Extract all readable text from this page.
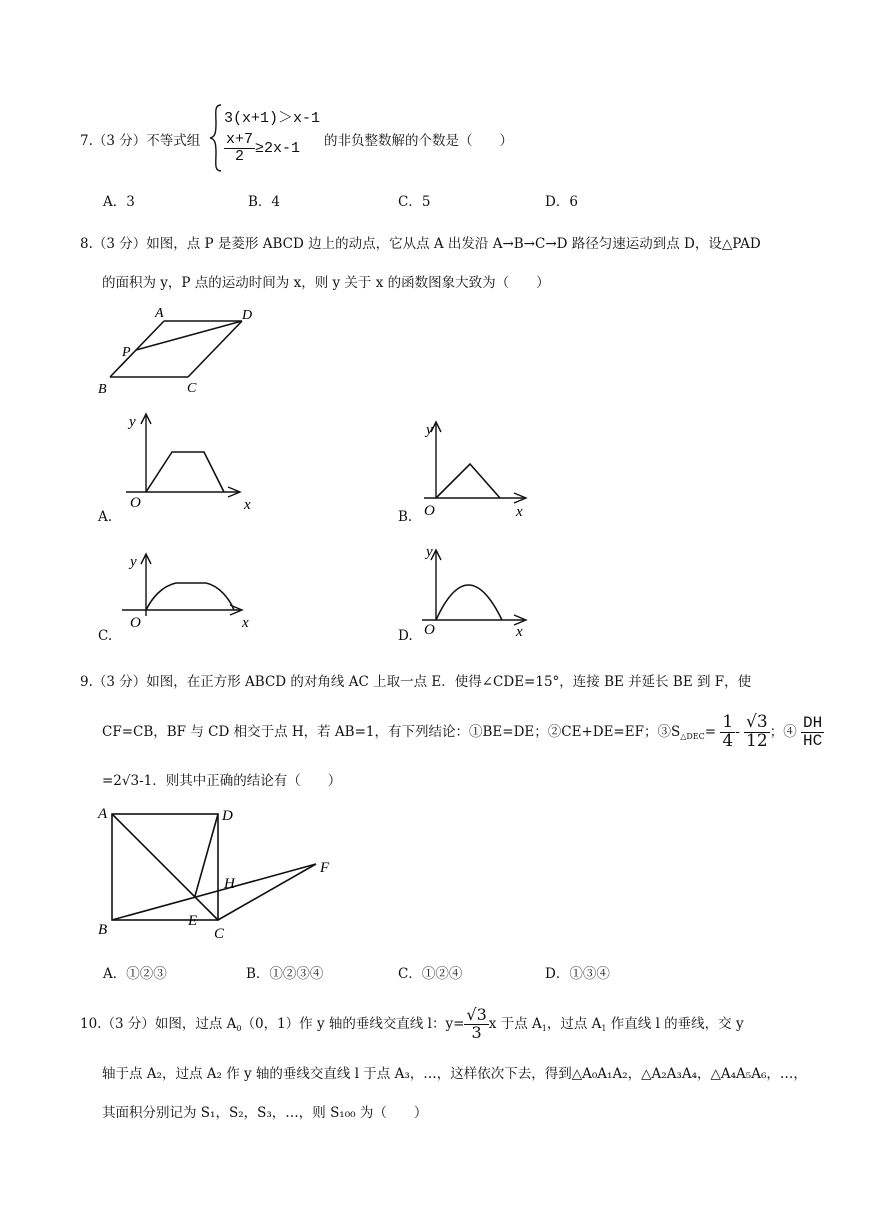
7.（3 分）不等式组
3(x+1)＞x-1
$\frac{x+7}{2} \ge 2x-1$ 的非负整数解的个数是（　　）
A．3	B．4	C．5	D．6
8.（3 分）如图，点 P 是菱形 ABCD 边上的动点，它从点 A 出发沿 A→B→C→D 路径匀速运动到点 D，设△PAD
的面积为 y，P 点的运动时间为 x，则 y 关于 x 的函数图象大致为（　　）
A	D
P
B	C
y
O	x
A.
y
O	x
B.
y
O	x
C.
y
O	x
D.
9.（3 分）如图，在正方形 ABCD 的对角线 AC 上取一点 E．使得∠CDE=15°，连接 BE 并延长 BE 到 F，使
CF=CB，BF 与 CD 相交于点 H，若 AB=1，有下列结论：①BE=DE；②CE+DE=EF；$③S_{\triangle DEC}= \frac{1}{4} - \frac{√3}{12}$ ；④ $\frac{DH}{HC}$
=2√3-1．则其中正确的结论有（　　）
A	D
H
F
B
E
C
A．①②③	B．①②③④	C．①②④	D．①③④
10.（3 分）如图，过点 $A_0(0$，1）作 y 轴的垂线交直线 l：$y= \frac{√3}{3}$ x 于点 $A_1$，过点 $A_1$ 作直线 l 的垂线，交 y
轴于点 A₂，过点 A₂ 作 y 轴的垂线交直线 l 于点 A₃，…，这样依次下去，得到△A₀A₁A₂，△A₂A₃A₄，△A₄A₅A₆，…，
其面积分别记为 S₁，S₂，S₃，…，则 S₁₀₀ 为（　　）
